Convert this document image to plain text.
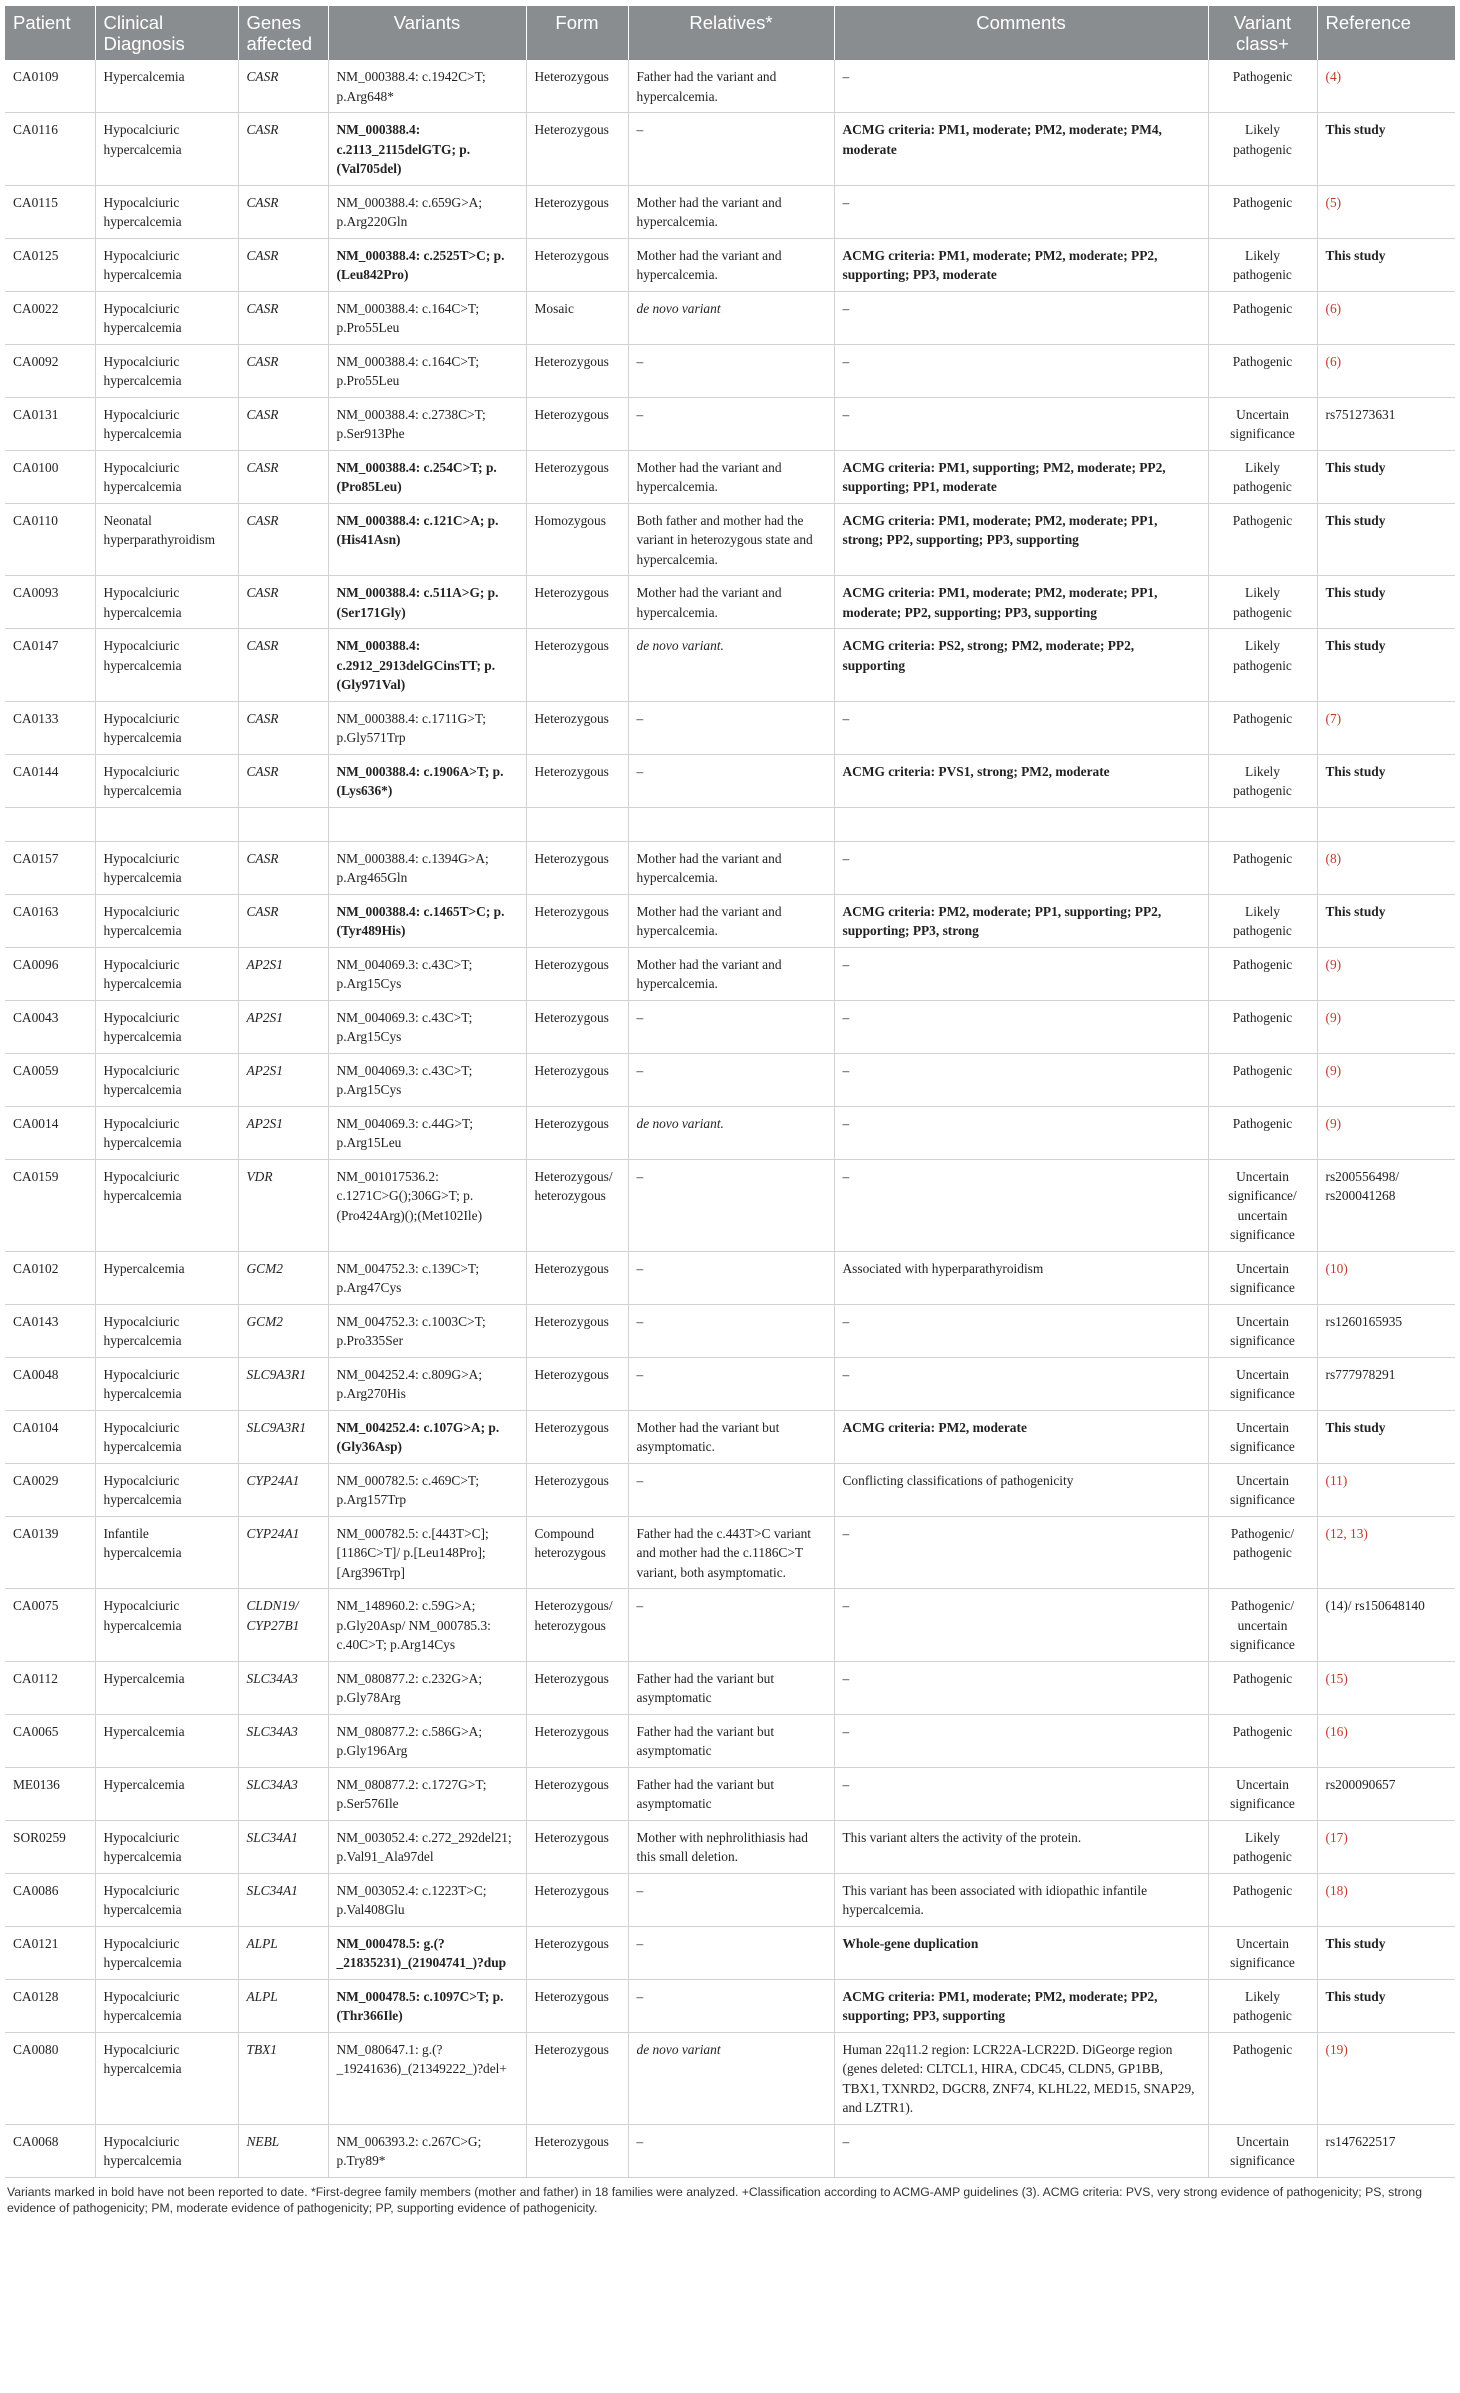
Patient	Clinical Diagnosis	Genes affected	Variants	Form	Relatives*	Comments	Variant class+	Reference
CA0109	Hypercalcemia	CASR	NM_000388.4: c.1942C>T; p.Arg648*	Heterozygous	Father had the variant and hypercalcemia.	–	Pathogenic	(4)
CA0116	Hypocalciuric hypercalcemia	CASR	NM_000388.4: c.2113_2115delGTG; p.(Val705del)	Heterozygous	–	ACMG criteria: PM1, moderate; PM2, moderate; PM4, moderate	Likely pathogenic	This study
CA0115	Hypocalciuric hypercalcemia	CASR	NM_000388.4: c.659G>A; p.Arg220Gln	Heterozygous	Mother had the variant and hypercalcemia.	–	Pathogenic	(5)
CA0125	Hypocalciuric hypercalcemia	CASR	NM_000388.4: c.2525T>C; p.(Leu842Pro)	Heterozygous	Mother had the variant and hypercalcemia.	ACMG criteria: PM1, moderate; PM2, moderate; PP2, supporting; PP3, moderate	Likely pathogenic	This study
CA0022	Hypocalciuric hypercalcemia	CASR	NM_000388.4: c.164C>T; p.Pro55Leu	Mosaic	de novo variant	–	Pathogenic	(6)
CA0092	Hypocalciuric hypercalcemia	CASR	NM_000388.4: c.164C>T; p.Pro55Leu	Heterozygous	–	–	Pathogenic	(6)
CA0131	Hypocalciuric hypercalcemia	CASR	NM_000388.4: c.2738C>T; p.Ser913Phe	Heterozygous	–	–	Uncertain significance	rs751273631
CA0100	Hypocalciuric hypercalcemia	CASR	NM_000388.4: c.254C>T; p.(Pro85Leu)	Heterozygous	Mother had the variant and hypercalcemia.	ACMG criteria: PM1, supporting; PM2, moderate; PP2, supporting; PP1, moderate	Likely pathogenic	This study
CA0110	Neonatal hyperparathyroidism	CASR	NM_000388.4: c.121C>A; p.(His41Asn)	Homozygous	Both father and mother had the variant in heterozygous state and hypercalcemia.	ACMG criteria: PM1, moderate; PM2, moderate; PP1, strong; PP2, supporting; PP3, supporting	Pathogenic	This study
CA0093	Hypocalciuric hypercalcemia	CASR	NM_000388.4: c.511A>G; p.(Ser171Gly)	Heterozygous	Mother had the variant and hypercalcemia.	ACMG criteria: PM1, moderate; PM2, moderate; PP1, moderate; PP2, supporting; PP3, supporting	Likely pathogenic	This study
CA0147	Hypocalciuric hypercalcemia	CASR	NM_000388.4: c.2912_2913delGCinsTT; p.(Gly971Val)	Heterozygous	de novo variant.	ACMG criteria: PS2, strong; PM2, moderate; PP2, supporting	Likely pathogenic	This study
CA0133	Hypocalciuric hypercalcemia	CASR	NM_000388.4: c.1711G>T; p.Gly571Trp	Heterozygous	–	–	Pathogenic	(7)
CA0144	Hypocalciuric hypercalcemia	CASR	NM_000388.4: c.1906A>T; p.(Lys636*)	Heterozygous	–	ACMG criteria: PVS1, strong; PM2, moderate	Likely pathogenic	This study

CA0157	Hypocalciuric hypercalcemia	CASR	NM_000388.4: c.1394G>A; p.Arg465Gln	Heterozygous	Mother had the variant and hypercalcemia.	–	Pathogenic	(8)
CA0163	Hypocalciuric hypercalcemia	CASR	NM_000388.4: c.1465T>C; p.(Tyr489His)	Heterozygous	Mother had the variant and hypercalcemia.	ACMG criteria: PM2, moderate; PP1, supporting; PP2, supporting; PP3, strong	Likely pathogenic	This study
CA0096	Hypocalciuric hypercalcemia	AP2S1	NM_004069.3: c.43C>T; p.Arg15Cys	Heterozygous	Mother had the variant and hypercalcemia.	–	Pathogenic	(9)
CA0043	Hypocalciuric hypercalcemia	AP2S1	NM_004069.3: c.43C>T; p.Arg15Cys	Heterozygous	–	–	Pathogenic	(9)
CA0059	Hypocalciuric hypercalcemia	AP2S1	NM_004069.3: c.43C>T; p.Arg15Cys	Heterozygous	–	–	Pathogenic	(9)
CA0014	Hypocalciuric hypercalcemia	AP2S1	NM_004069.3: c.44G>T; p.Arg15Leu	Heterozygous	de novo variant.	–	Pathogenic	(9)
CA0159	Hypocalciuric hypercalcemia	VDR	NM_001017536.2: c.1271C>G();306G>T; p.(Pro424Arg)();(Met102Ile)	Heterozygous/ heterozygous	–	–	Uncertain significance/ uncertain significance	rs200556498/ rs200041268
CA0102	Hypercalcemia	GCM2	NM_004752.3: c.139C>T; p.Arg47Cys	Heterozygous	–	Associated with hyperparathyroidism	Uncertain significance	(10)
CA0143	Hypocalciuric hypercalcemia	GCM2	NM_004752.3: c.1003C>T; p.Pro335Ser	Heterozygous	–	–	Uncertain significance	rs1260165935
CA0048	Hypocalciuric hypercalcemia	SLC9A3R1	NM_004252.4: c.809G>A; p.Arg270His	Heterozygous	–	–	Uncertain significance	rs777978291
CA0104	Hypocalciuric hypercalcemia	SLC9A3R1	NM_004252.4: c.107G>A; p.(Gly36Asp)	Heterozygous	Mother had the variant but asymptomatic.	ACMG criteria: PM2, moderate	Uncertain significance	This study
CA0029	Hypocalciuric hypercalcemia	CYP24A1	NM_000782.5: c.469C>T; p.Arg157Trp	Heterozygous	–	Conflicting classifications of pathogenicity	Uncertain significance	(11)
CA0139	Infantile hypercalcemia	CYP24A1	NM_000782.5: c.[443T>C];[1186C>T]/ p.[Leu148Pro]; [Arg396Trp]	Compound heterozygous	Father had the c.443T>C variant and mother had the c.1186C>T variant, both asymptomatic.	–	Pathogenic/ pathogenic	(12, 13)
CA0075	Hypocalciuric hypercalcemia	CLDN19/ CYP27B1	NM_148960.2: c.59G>A; p.Gly20Asp/ NM_000785.3: c.40C>T; p.Arg14Cys	Heterozygous/ heterozygous	–	–	Pathogenic/ uncertain significance	(14)/ rs150648140
CA0112	Hypercalcemia	SLC34A3	NM_080877.2: c.232G>A; p.Gly78Arg	Heterozygous	Father had the variant but asymptomatic	–	Pathogenic	(15)
CA0065	Hypercalcemia	SLC34A3	NM_080877.2: c.586G>A; p.Gly196Arg	Heterozygous	Father had the variant but asymptomatic	–	Pathogenic	(16)
ME0136	Hypercalcemia	SLC34A3	NM_080877.2: c.1727G>T; p.Ser576Ile	Heterozygous	Father had the variant but asymptomatic	–	Uncertain significance	rs200090657
SOR0259	Hypocalciuric hypercalcemia	SLC34A1	NM_003052.4: c.272_292del21; p.Val91_Ala97del	Heterozygous	Mother with nephrolithiasis had this small deletion.	This variant alters the activity of the protein.	Likely pathogenic	(17)
CA0086	Hypocalciuric hypercalcemia	SLC34A1	NM_003052.4: c.1223T>C; p.Val408Glu	Heterozygous	–	This variant has been associated with idiopathic infantile hypercalcemia.	Pathogenic	(18)
CA0121	Hypocalciuric hypercalcemia	ALPL	NM_000478.5: g.(?_21835231)_(21904741_)?dup	Heterozygous	–	Whole-gene duplication	Uncertain significance	This study
CA0128	Hypocalciuric hypercalcemia	ALPL	NM_000478.5: c.1097C>T; p.(Thr366Ile)	Heterozygous	–	ACMG criteria: PM1, moderate; PM2, moderate; PP2, supporting; PP3, supporting	Likely pathogenic	This study
CA0080	Hypocalciuric hypercalcemia	TBX1	NM_080647.1: g.(?_19241636)_(21349222_)?del+	Heterozygous	de novo variant	Human 22q11.2 region: LCR22A-LCR22D. DiGeorge region (genes deleted: CLTCL1, HIRA, CDC45, CLDN5, GP1BB, TBX1, TXNRD2, DGCR8, ZNF74, KLHL22, MED15, SNAP29, and LZTR1).	Pathogenic	(19)
CA0068	Hypocalciuric hypercalcemia	NEBL	NM_006393.2: c.267C>G; p.Try89*	Heterozygous	–	–	Uncertain significance	rs147622517
Variants marked in bold have not been reported to date. *First-degree family members (mother and father) in 18 families were analyzed. +Classification according to ACMG-AMP guidelines (3). ACMG criteria: PVS, very strong evidence of pathogenicity; PS, strong evidence of pathogenicity; PM, moderate evidence of pathogenicity; PP, supporting evidence of pathogenicity.
